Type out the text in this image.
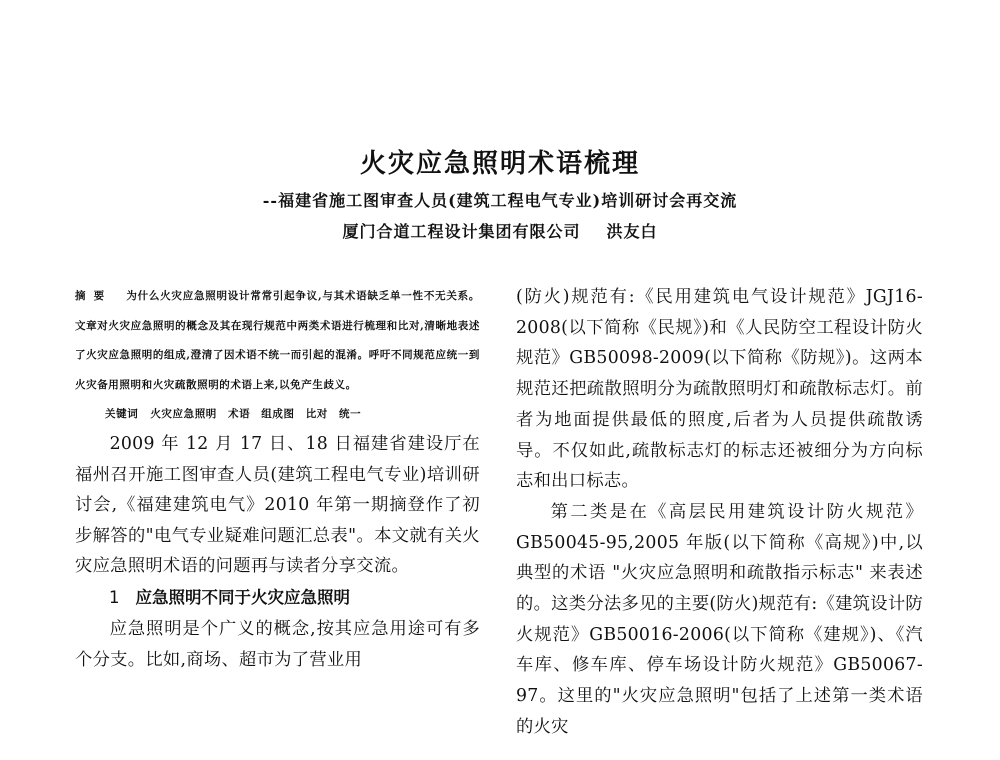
火灾应急照明术语梳理

--福建省施工图审查人员(建筑工程电气专业)培训研讨会再交流

厦门合道工程设计集团有限公司 洪友白

摘要 为什么火灾应急照明设计常常引起争议,与其术语缺乏单一性不无关系。文章对火灾应急照明的概念及其在现行规范中两类术语进行梳理和比对,清晰地表述了火灾应急照明的组成,澄清了因术语不统一而引起的混淆。呼吁不同规范应统一到火灾备用照明和火灾疏散照明的术语上来,以免产生歧义。

关键词 火灾应急照明　术语　组成图　比对　统一

2009 年 12 月 17 日、18 日福建省建设厅在福州召开施工图审查人员(建筑工程电气专业)培训研讨会,《福建建筑电气》2010 年第一期摘登作了初步解答的"电气专业疑难问题汇总表"。本文就有关火灾应急照明术语的问题再与读者分享交流。

1 应急照明不同于火灾应急照明

应急照明是个广义的概念,按其应急用途可有多个分支。比如,商场、超市为了营业用

(防火)规范有:《民用建筑电气设计规范》JGJ16-2008(以下简称《民规》)和《人民防空工程设计防火规范》GB50098-2009(以下简称《防规》)。这两本规范还把疏散照明分为疏散照明灯和疏散标志灯。前者为地面提供最低的照度,后者为人员提供疏散诱导。不仅如此,疏散标志灯的标志还被细分为方向标志和出口标志。

第二类是在《高层民用建筑设计防火规范》GB50045-95,2005 年版(以下简称《高规》)中,以典型的术语 "火灾应急照明和疏散指示标志" 来表述的。这类分法多见的主要(防火)规范有:《建筑设计防火规范》GB50016-2006(以下简称《建规》)、《汽车库、修车库、停车场设计防火规范》GB50067-97。这里的"火灾应急照明"包括了上述第一类术语的火灾
